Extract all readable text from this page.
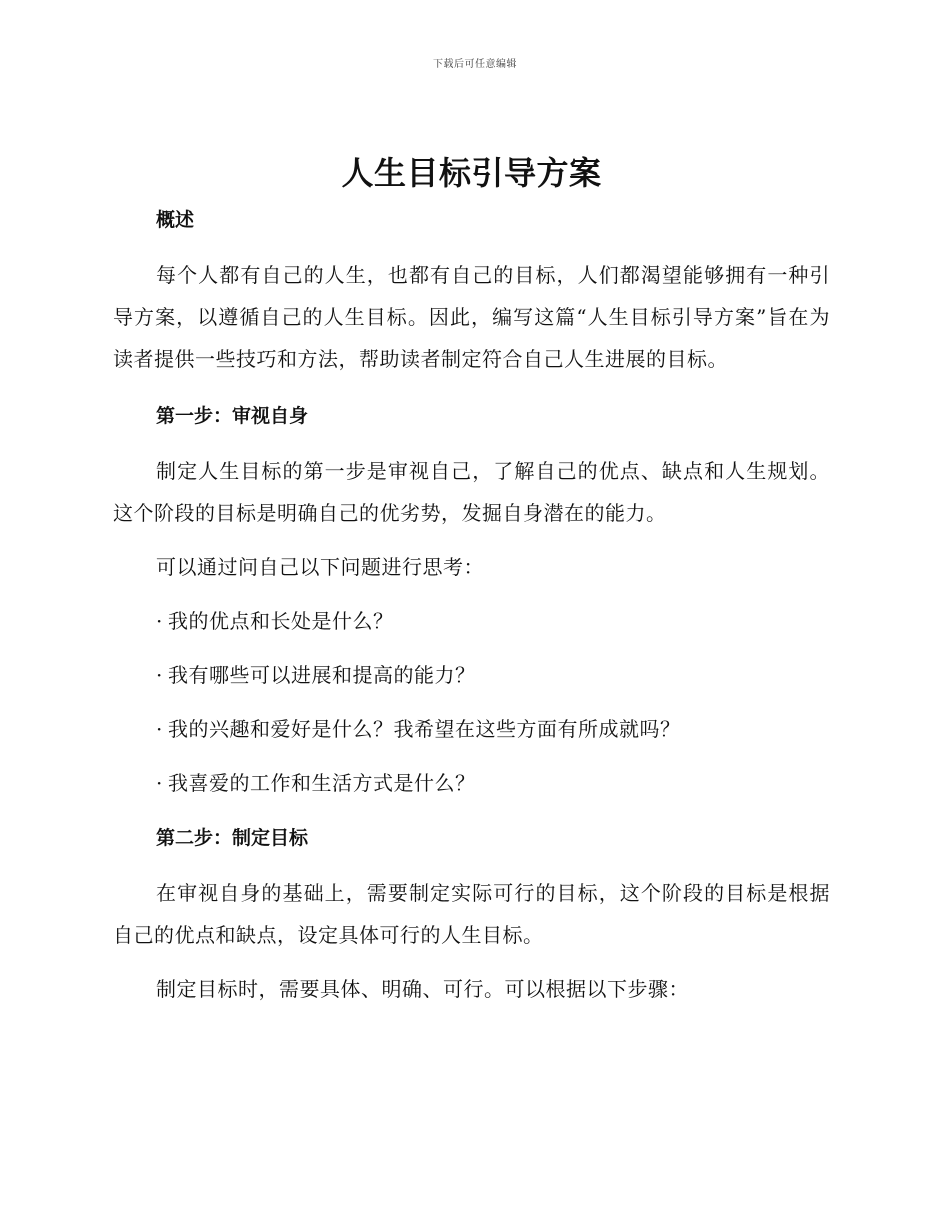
下载后可任意编辑
人生目标引导方案
概述

每个人都有自己的人生，也都有自己的目标，人们都渴望能够拥有一种引导方案，以遵循自己的人生目标。因此，编写这篇“人生目标引导方案”旨在为读者提供一些技巧和方法，帮助读者制定符合自己人生进展的目标。

第一步：审视自身

制定人生目标的第一步是审视自己，了解自己的优点、缺点和人生规划。这个阶段的目标是明确自己的优劣势，发掘自身潜在的能力。

可以通过问自己以下问题进行思考：

· 我的优点和长处是什么？

· 我有哪些可以进展和提高的能力？

· 我的兴趣和爱好是什么？我希望在这些方面有所成就吗？

· 我喜爱的工作和生活方式是什么？

第二步：制定目标

在审视自身的基础上，需要制定实际可行的目标，这个阶段的目标是根据自己的优点和缺点，设定具体可行的人生目标。

制定目标时，需要具体、明确、可行。可以根据以下步骤：
